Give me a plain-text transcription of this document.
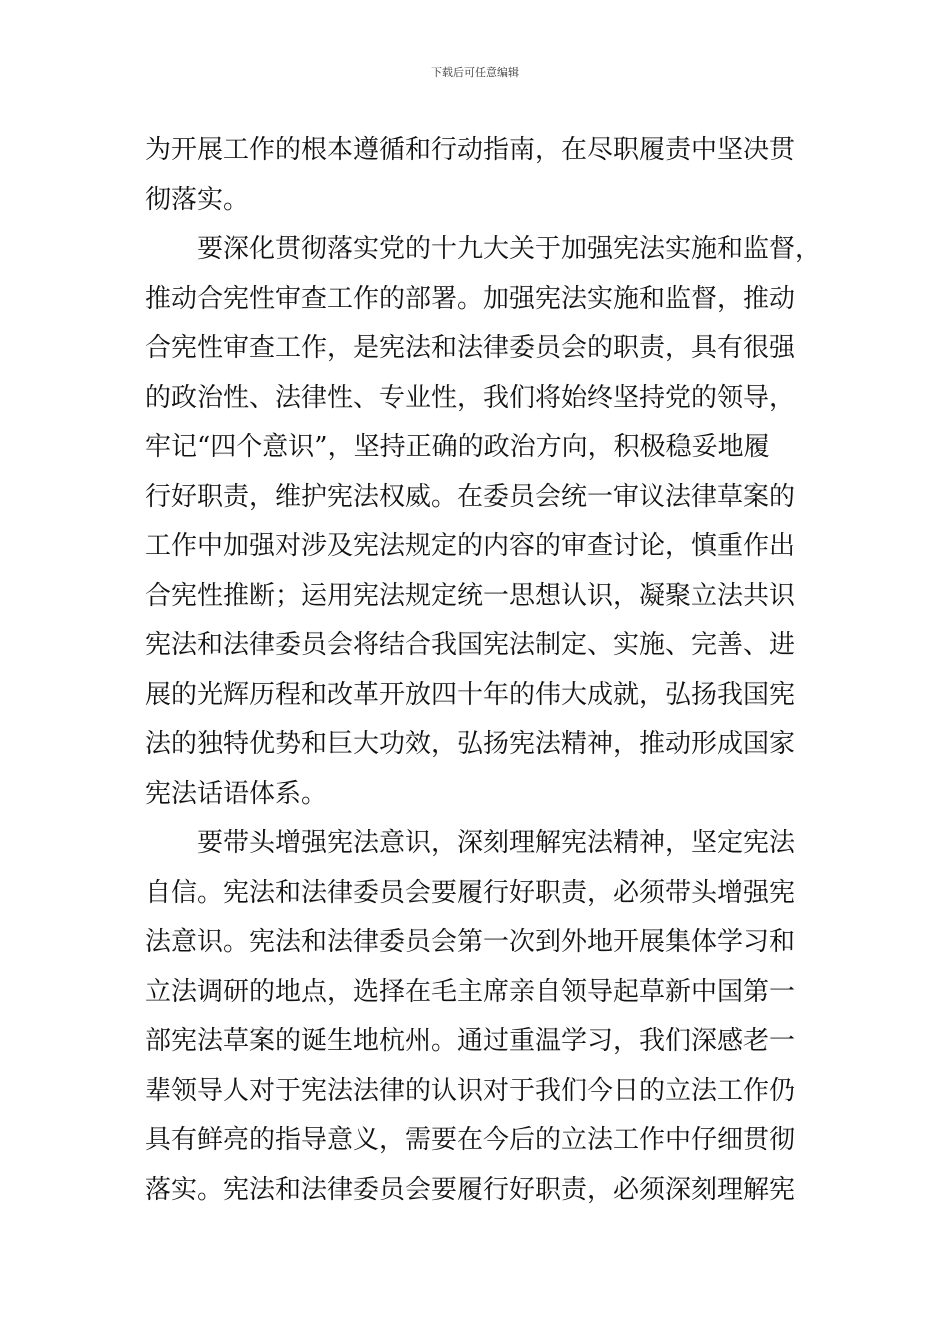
下载后可任意编辑
为开展工作的根本遵循和行动指南，在尽职履责中坚决贯
彻落实。
　　要深化贯彻落实党的十九大关于加强宪法实施和监督，
推动合宪性审查工作的部署。加强宪法实施和监督，推动
合宪性审查工作，是宪法和法律委员会的职责，具有很强
的政治性、法律性、专业性，我们将始终坚持党的领导，
牢记“四个意识”，坚持正确的政治方向，积极稳妥地履
行好职责，维护宪法权威。在委员会统一审议法律草案的
工作中加强对涉及宪法规定的内容的审查讨论，慎重作出
合宪性推断；运用宪法规定统一思想认识，凝聚立法共识
宪法和法律委员会将结合我国宪法制定、实施、完善、进
展的光辉历程和改革开放四十年的伟大成就，弘扬我国宪
法的独特优势和巨大功效，弘扬宪法精神，推动形成国家
宪法话语体系。
　　要带头增强宪法意识，深刻理解宪法精神，坚定宪法
自信。宪法和法律委员会要履行好职责，必须带头增强宪
法意识。宪法和法律委员会第一次到外地开展集体学习和
立法调研的地点，选择在毛主席亲自领导起草新中国第一
部宪法草案的诞生地杭州。通过重温学习，我们深感老一
辈领导人对于宪法法律的认识对于我们今日的立法工作仍
具有鲜亮的指导意义，需要在今后的立法工作中仔细贯彻
落实。宪法和法律委员会要履行好职责，必须深刻理解宪
